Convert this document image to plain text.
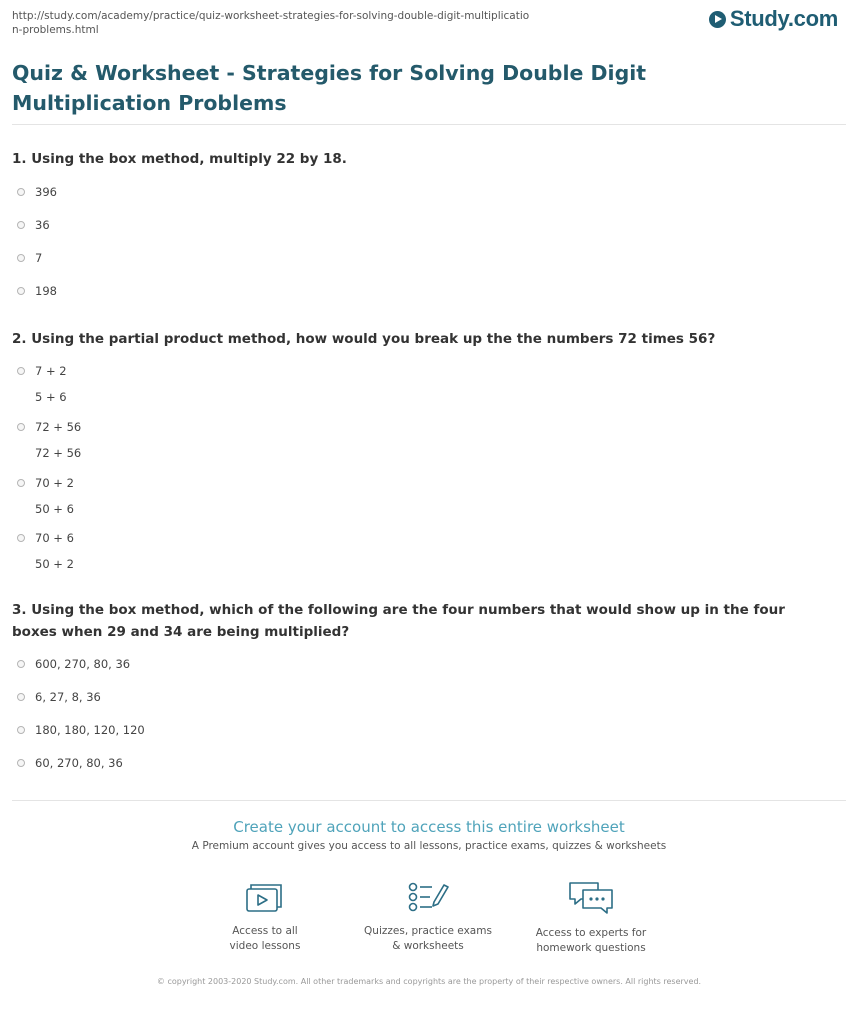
http://study.com/academy/practice/quiz-worksheet-strategies-for-solving-double-digit-multiplication-problems.html	Study.com
Quiz & Worksheet - Strategies for Solving Double Digit Multiplication Problems
1. Using the box method, multiply 22 by 18.
396
36
7
198
2. Using the partial product method, how would you break up the the numbers 72 times 56?
7 + 2
5 + 6
72 + 56
72 + 56
70 + 2
50 + 6
70 + 6
50 + 2
3. Using the box method, which of the following are the four numbers that would show up in the four boxes when 29 and 34 are being multiplied?
600, 270, 80, 36
6, 27, 8, 36
180, 180, 120, 120
60, 270, 80, 36
Create your account to access this entire worksheet
A Premium account gives you access to all lessons, practice exams, quizzes & worksheets
Access to all
video lessons
Quizzes, practice exams
& worksheets
Access to experts for
homework questions
© copyright 2003-2020 Study.com. All other trademarks and copyrights are the property of their respective owners. All rights reserved.
